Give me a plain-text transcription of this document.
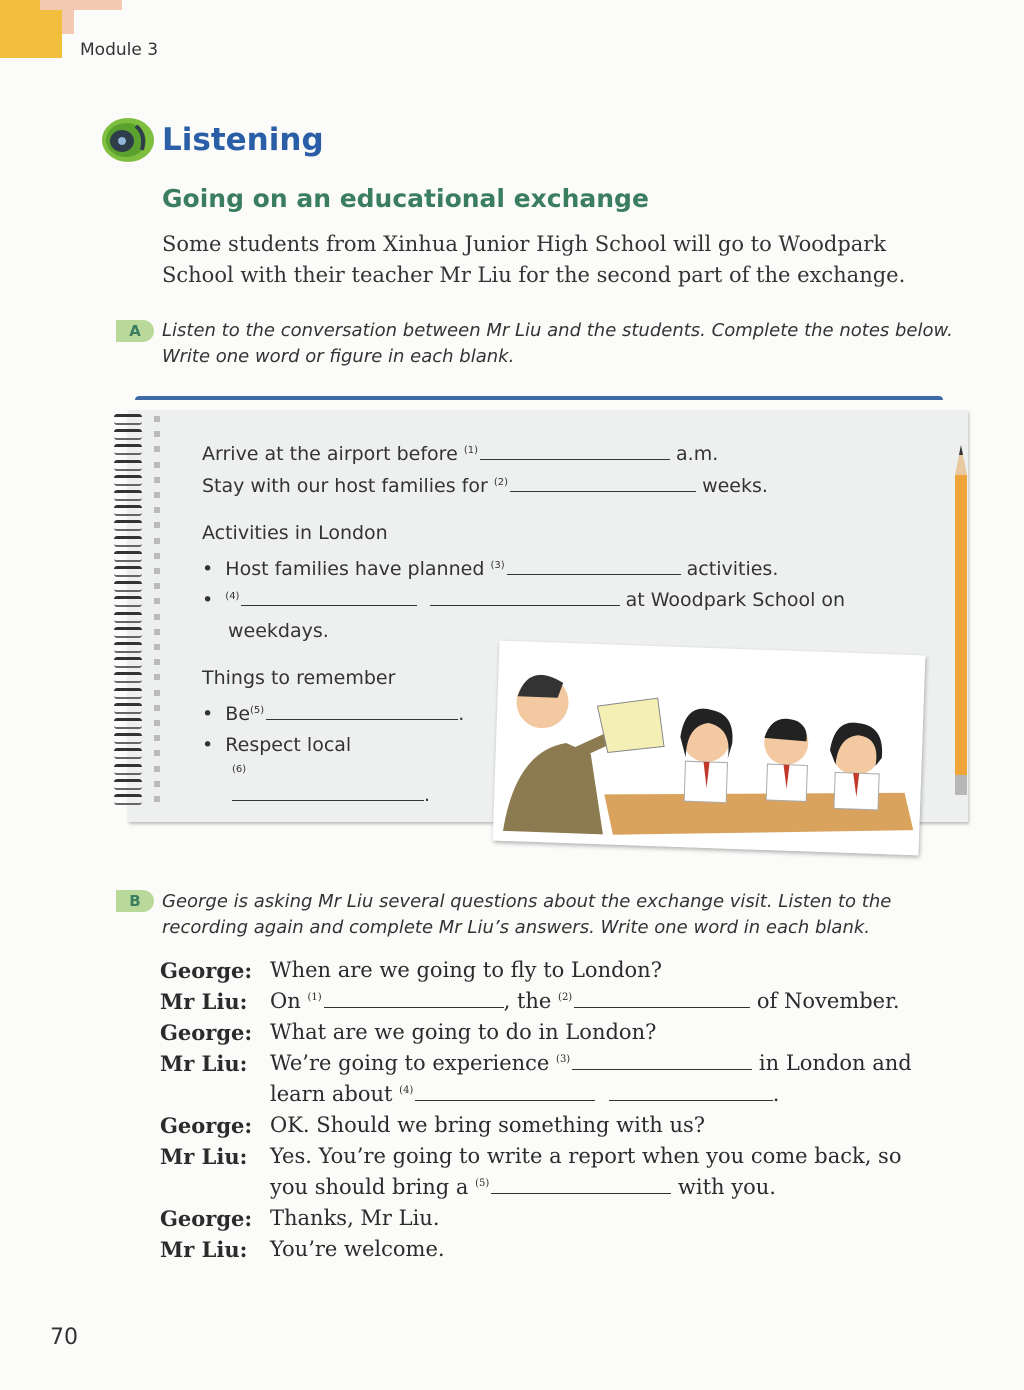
Module 3
Listening
Going on an educational exchange
Some students from Xinhua Junior High School will go to Woodpark School with their teacher Mr Liu for the second part of the exchange.
A	Listen to the conversation between Mr Liu and the students. Complete the notes below. Write one word or figure in each blank.
Arrive at the airport before $^{(1)}$	a.m.
Stay with our host families for $^{(2)}$	weeks.
Activities in London
•  Host families have planned $^{(3)}$	activities.
•  $^{(4)}$	at Woodpark School on
weekdays.
Things to remember
•  Be$^{(5)}$	.
•  Respect local
$^{(6)}$
.
B	George is asking Mr Liu several questions about the exchange visit. Listen to the recording again and complete Mr Liu’s answers. Write one word in each blank.
George: When are we going to fly to London?
Mr Liu: On $^{(1)}$	, the $^{(2)}$	of November.
George: What are we going to do in London?
Mr Liu: We’re going to experience $^{(3)}$	in London and
learn about $^{(4)}$	.
George: OK. Should we bring something with us?
Mr Liu: Yes. You’re going to write a report when you come back, so
you should bring a $^{(5)}$	with you.
George: Thanks, Mr Liu.
Mr Liu: You’re welcome.
70
